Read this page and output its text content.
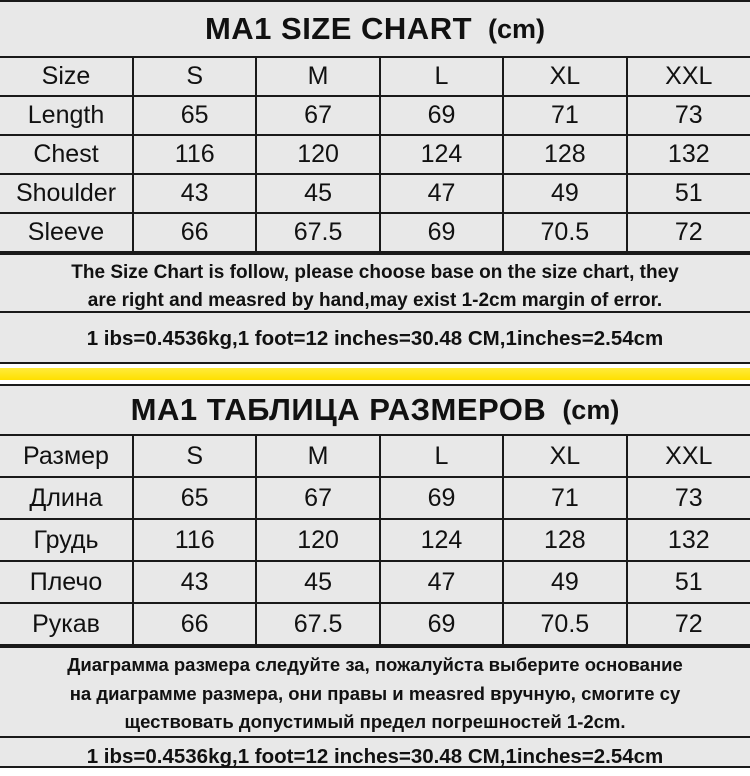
MA1 SIZE CHART (cm)
Size	S	M	L	XL	XXL
Length	65	67	69	71	73
Chest	116	120	124	128	132
Shoulder	43	45	47	49	51
Sleeve	66	67.5	69	70.5	72
The Size Chart is follow, please choose base on the size chart, they
are right and measred by hand,may exist 1-2cm margin of error.
1 ibs=0.4536kg,1 foot=12 inches=30.48 CM,1inches=2.54cm
MA1 ТАБЛИЦА РАЗМЕРОВ (cm)
Размер	S	M	L	XL	XXL
Длина	65	67	69	71	73
Грудь	116	120	124	128	132
Плечо	43	45	47	49	51
Рукав	66	67.5	69	70.5	72
Диаграмма размера следуйте за, пожалуйста выберите основание
на диаграмме размера, они правы и measred вручную, смогите су
ществовать допустимый предел погрешностей 1-2cm.
1 ibs=0.4536kg,1 foot=12 inches=30.48 CM,1inches=2.54cm
